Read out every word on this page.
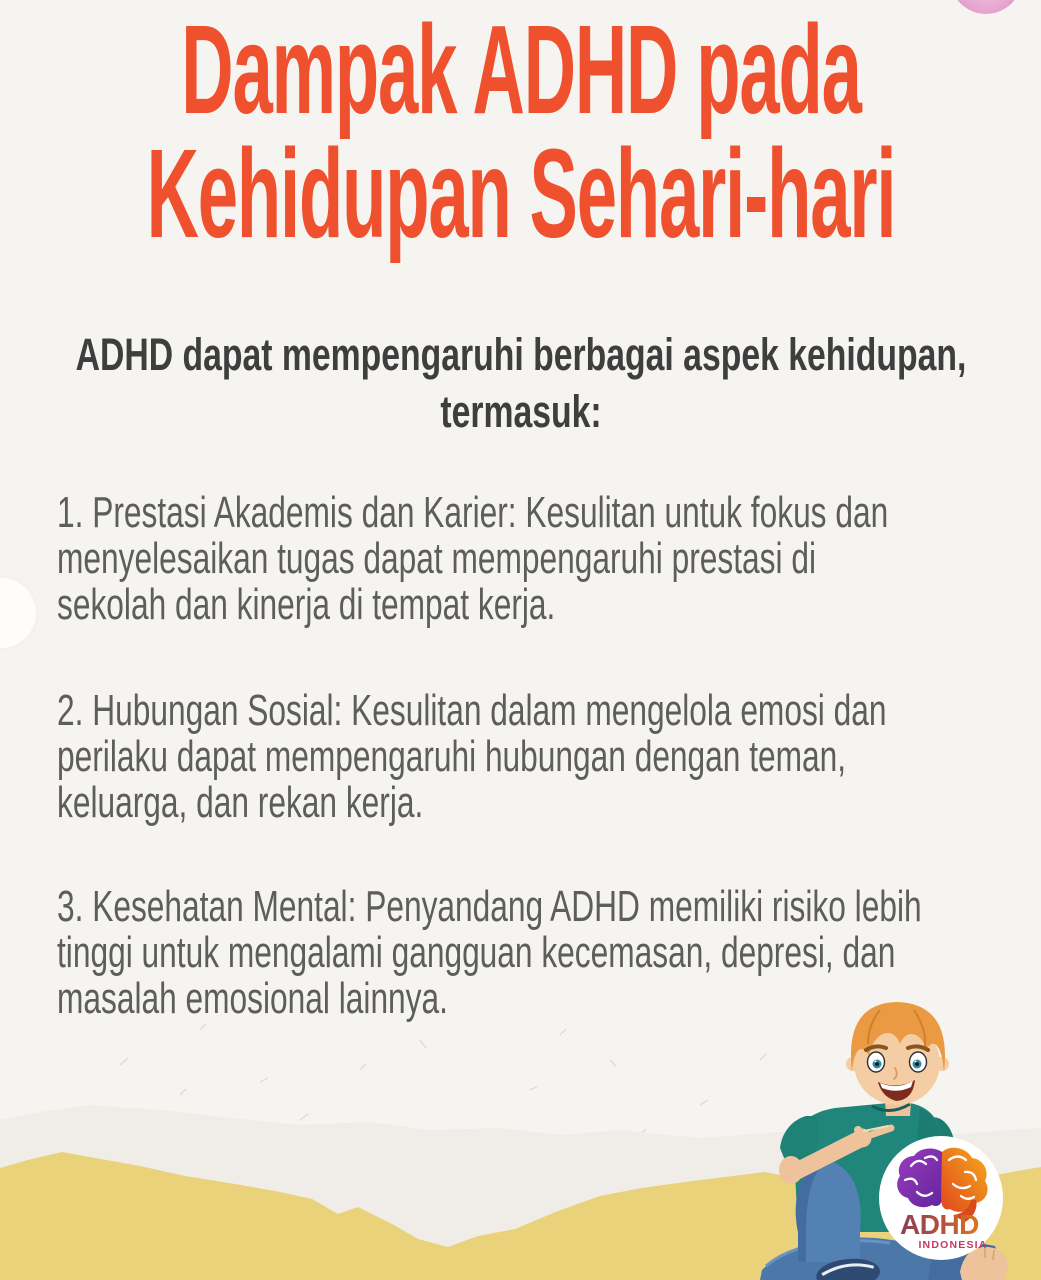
Dampak ADHD pada
Kehidupan Sehari-hari
ADHD dapat mempengaruhi berbagai aspek kehidupan,
termasuk:
1. Prestasi Akademis dan Karier: Kesulitan untuk fokus dan
menyelesaikan tugas dapat mempengaruhi prestasi di
sekolah dan kinerja di tempat kerja.
2. Hubungan Sosial: Kesulitan dalam mengelola emosi dan
perilaku dapat mempengaruhi hubungan dengan teman,
keluarga, dan rekan kerja.
3. Kesehatan Mental: Penyandang ADHD memiliki risiko lebih
tinggi untuk mengalami gangguan kecemasan, depresi, dan
masalah emosional lainnya.
ADHD
INDONESIA
